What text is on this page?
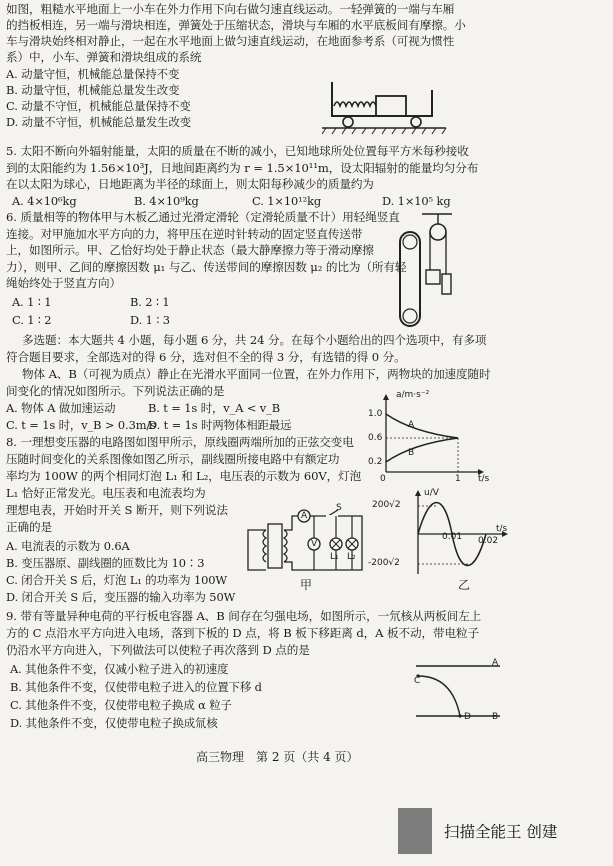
如图，粗糙水平地面上一小车在外力作用下向右做匀速直线运动。一轻弹簧的一端与车厢
的挡板相连，另一端与滑块相连，弹簧处于压缩状态，滑块与车厢的水平底板间有摩擦。小
车与滑块始终相对静止，一起在水平地面上做匀速直线运动，在地面参考系（可视为惯性
系）中，小车、弹簧和滑块组成的系统
A. 动量守恒，机械能总量保持不变
B. 动量守恒，机械能总量发生改变
C. 动量不守恒，机械能总量保持不变
D. 动量不守恒，机械能总量发生改变
5. 太阳不断向外辐射能量，太阳的质量在不断的减小，已知地球所处位置每平方米每秒接收
到的太阳能约为 1.56×10³J，日地间距离约为 r = 1.5×10¹¹m，设太阳辐射的能量均匀分布
在以太阳为球心，日地距离为半径的球面上，则太阳每秒减少的质量约为
A. 4×10⁶kg	B. 4×10⁹kg	C. 1×10¹²kg	D. 1×10⁵ kg
6. 质量相等的物体甲与木板乙通过光滑定滑轮（定滑轮质量不计）用轻绳竖直
连接。对甲施加水平方向的力，将甲压在逆时针转动的固定竖直传送带
上，如图所示。甲、乙恰好均处于静止状态（最大静摩擦力等于滑动摩擦
力），则甲、乙间的摩擦因数 μ₁ 与乙、传送带间的摩擦因数 μ₂ 的比为（所有轻
绳始终处于竖直方向）
A. 1 ∶ 1	B. 2 ∶ 1
C. 1 ∶ 2	D. 1 ∶ 3
多选题：本大题共 4 小题，每小题 6 分，共 24 分。在每个小题给出的四个选项中，有多项
符合题目要求，全部选对的得 6 分，选对但不全的得 3 分，有选错的得 0 分。
物体 A、B（可视为质点）静止在光滑水平面同一位置，在外力作用下，两物块的加速度随时
间变化的情况如图所示。下列说法正确的是
A. 物体 A 做加速运动	B. t = 1s 时，v_A < v_B
C. t = 1s 时，v_B > 0.3m/s
D. t = 1s 时两物体相距最远
a/m·s⁻²
1.0
0.6
0.2
0	1 t/s
A
B
8. 一理想变压器的电路图如图甲所示，原线圈两端所加的正弦交变电
压随时间变化的关系图像如图乙所示，副线圈所接电路中有额定功
率均为 100W 的两个相同灯泡 L₁ 和 L₂，电压表的示数为 60V，灯泡
L₁ 恰好正常发光。电压表和电流表均为
理想电表，开始时开关 S 断开，则下列说法
正确的是
A. 电流表的示数为 0.6A
B. 变压器原、副线圈的匝数比为 10∶3
C. 闭合开关 S 后，灯泡 L₁ 的功率为 100W
D. 闭合开关 S 后，变压器的输入功率为 50W
A
S
V
L₁ L₂
甲
u/V
200√2
-200√2
0.01 0.02
t/s
乙
9. 带有等量异种电荷的平行板电容器 A、B 间存在匀强电场，如图所示，一氘核从两板间左上
方的 C 点沿水平方向进入电场，落到下板的 D 点，将 B 板下移距离 d，A 板不动，带电粒子
仍沿水平方向进入，下列做法可以使粒子再次落到 D 点的是
A. 其他条件不变，仅减小粒子进入的初速度
B. 其他条件不变，仅使带电粒子进入的位置下移 d
C. 其他条件不变，仅使带电粒子换成 α 粒子
D. 其他条件不变，仅使带电粒子换成氚核
A
B
C
D
高三物理　第 2 页（共 4 页）
扫描全能王 创建
